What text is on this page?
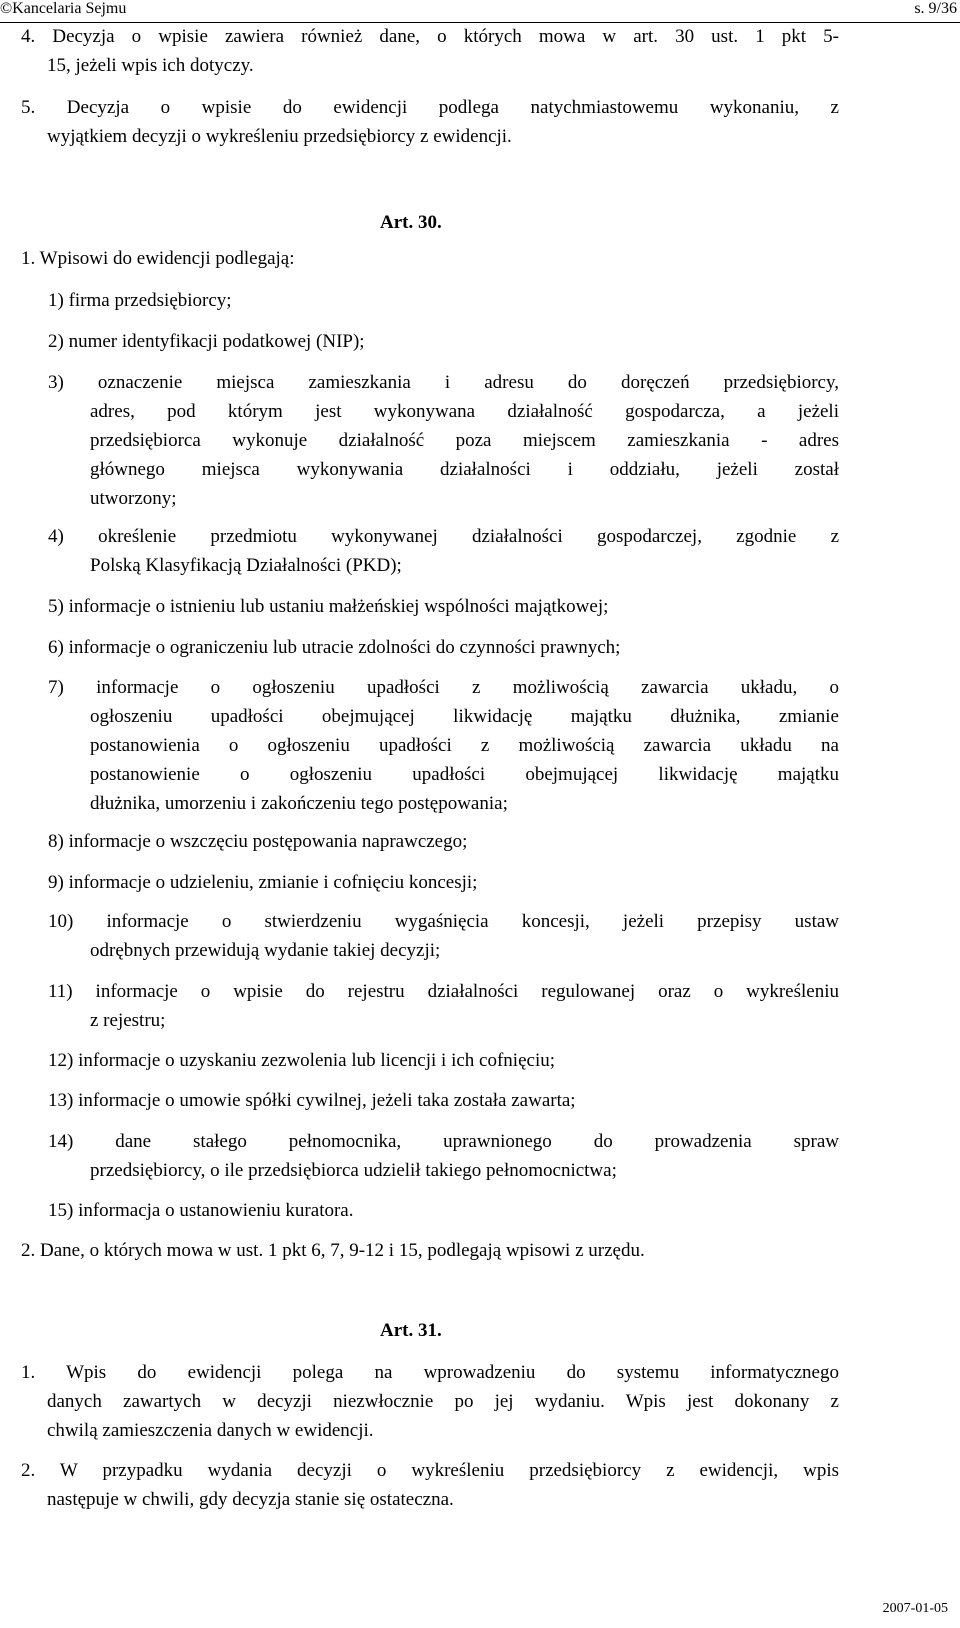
©Kancelaria Sejmu	s. 9/36
4. Decyzja o wpisie zawiera również dane, o których mowa w art. 30 ust. 1 pkt 5-
15, jeżeli wpis ich dotyczy.
5. Decyzja o wpisie do ewidencji podlega natychmiastowemu wykonaniu, z
wyjątkiem decyzji o wykreśleniu przedsiębiorcy z ewidencji.
Art. 30.
1. Wpisowi do ewidencji podlegają:
1) firma przedsiębiorcy;
2) numer identyfikacji podatkowej (NIP);
3) oznaczenie miejsca zamieszkania i adresu do doręczeń przedsiębiorcy,
adres, pod którym jest wykonywana działalność gospodarcza, a jeżeli
przedsiębiorca wykonuje działalność poza miejscem zamieszkania - adres
głównego miejsca wykonywania działalności i oddziału, jeżeli został
utworzony;
4) określenie przedmiotu wykonywanej działalności gospodarczej, zgodnie z
Polską Klasyfikacją Działalności (PKD);
5) informacje o istnieniu lub ustaniu małżeńskiej wspólności majątkowej;
6) informacje o ograniczeniu lub utracie zdolności do czynności prawnych;
7) informacje o ogłoszeniu upadłości z możliwością zawarcia układu, o
ogłoszeniu upadłości obejmującej likwidację majątku dłużnika, zmianie
postanowienia o ogłoszeniu upadłości z możliwością zawarcia układu na
postanowienie o ogłoszeniu upadłości obejmującej likwidację majątku
dłużnika, umorzeniu i zakończeniu tego postępowania;
8) informacje o wszczęciu postępowania naprawczego;
9) informacje o udzieleniu, zmianie i cofnięciu koncesji;
10) informacje o stwierdzeniu wygaśnięcia koncesji, jeżeli przepisy ustaw
odrębnych przewidują wydanie takiej decyzji;
11) informacje o wpisie do rejestru działalności regulowanej oraz o wykreśleniu
z rejestru;
12) informacje o uzyskaniu zezwolenia lub licencji i ich cofnięciu;
13) informacje o umowie spółki cywilnej, jeżeli taka została zawarta;
14) dane stałego pełnomocnika, uprawnionego do prowadzenia spraw
przedsiębiorcy, o ile przedsiębiorca udzielił takiego pełnomocnictwa;
15) informacja o ustanowieniu kuratora.
2. Dane, o których mowa w ust. 1 pkt 6, 7, 9-12 i 15, podlegają wpisowi z urzędu.
Art. 31.
1. Wpis do ewidencji polega na wprowadzeniu do systemu informatycznego
danych zawartych w decyzji niezwłocznie po jej wydaniu. Wpis jest dokonany z
chwilą zamieszczenia danych w ewidencji.
2. W przypadku wydania decyzji o wykreśleniu przedsiębiorcy z ewidencji, wpis
następuje w chwili, gdy decyzja stanie się ostateczna.
2007-01-05
